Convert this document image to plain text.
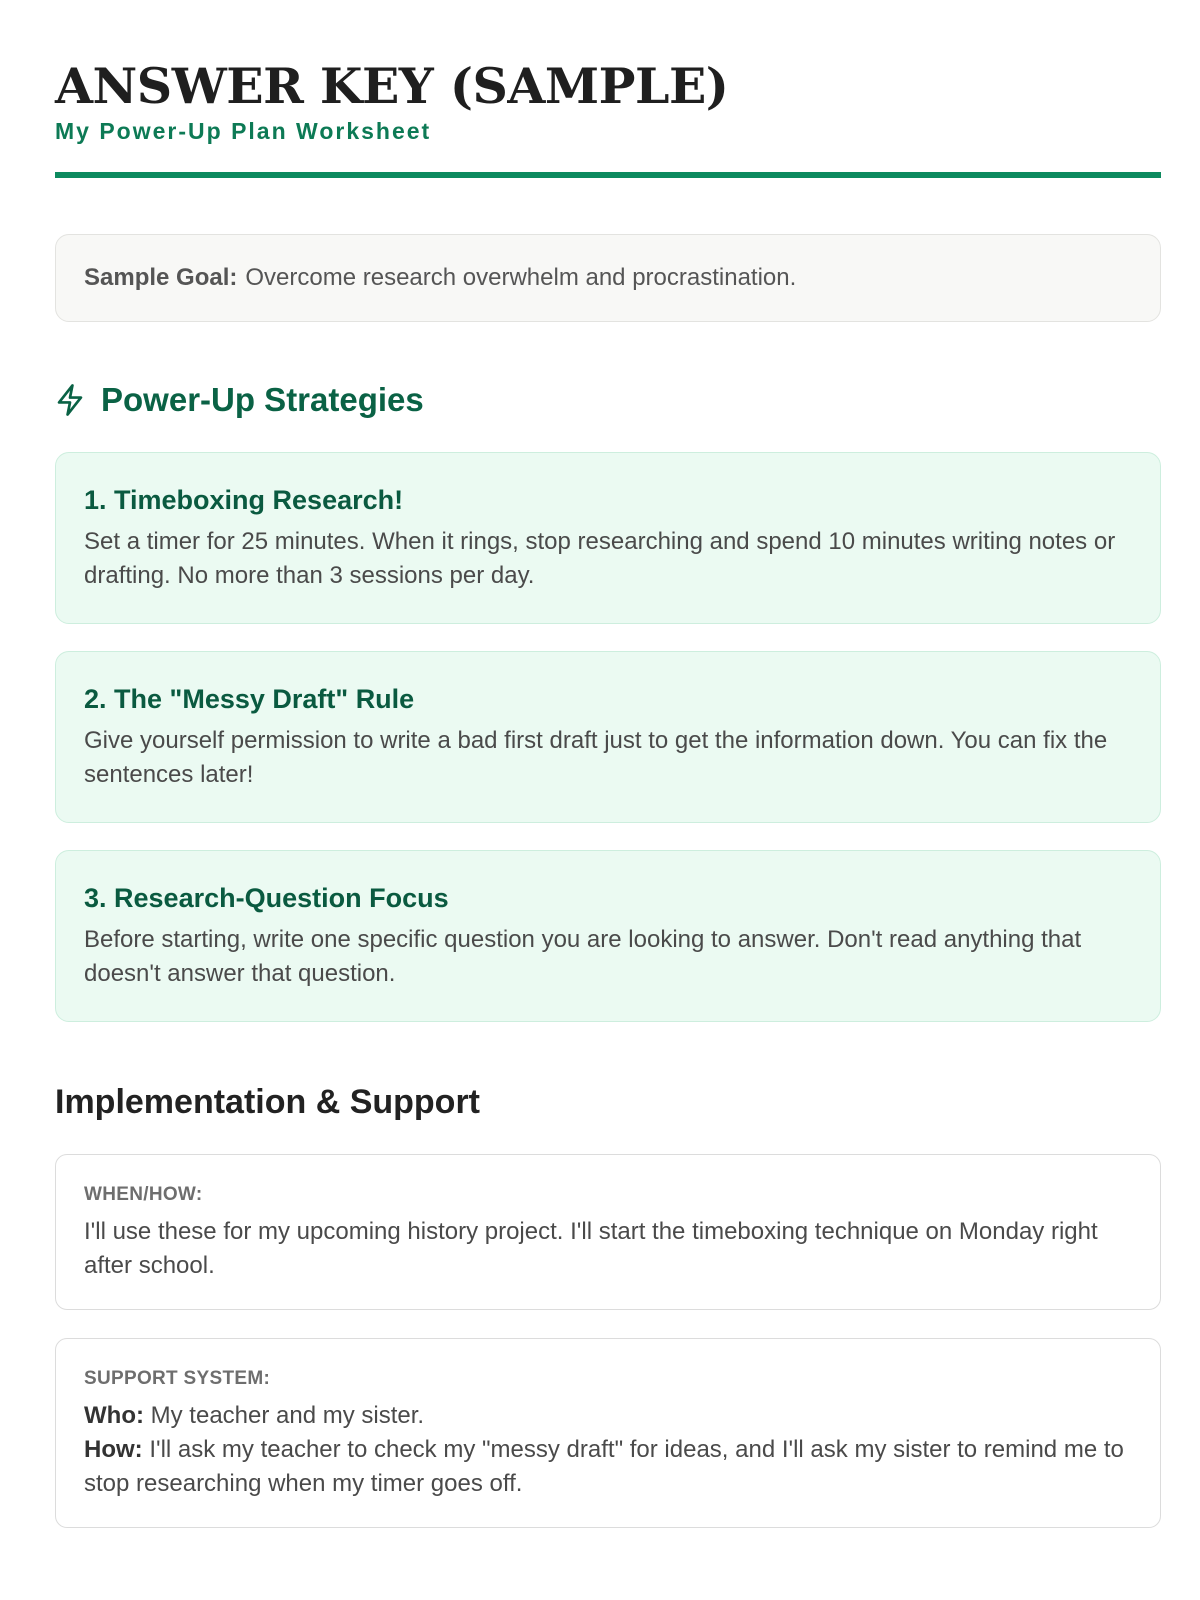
ANSWER KEY (SAMPLE)
My Power-Up Plan Worksheet
Sample Goal: Overcome research overwhelm and procrastination.
Power-Up Strategies
1. Timeboxing Research!
Set a timer for 25 minutes. When it rings, stop researching and spend 10 minutes writing notes or drafting. No more than 3 sessions per day.
2. The "Messy Draft" Rule
Give yourself permission to write a bad first draft just to get the information down. You can fix the sentences later!
3. Research-Question Focus
Before starting, write one specific question you are looking to answer. Don't read anything that doesn't answer that question.
Implementation & Support
WHEN/HOW:
I'll use these for my upcoming history project. I'll start the timeboxing technique on Monday right after school.
SUPPORT SYSTEM:
Who: My teacher and my sister.
How: I'll ask my teacher to check my "messy draft" for ideas, and I'll ask my sister to remind me to stop researching when my timer goes off.
